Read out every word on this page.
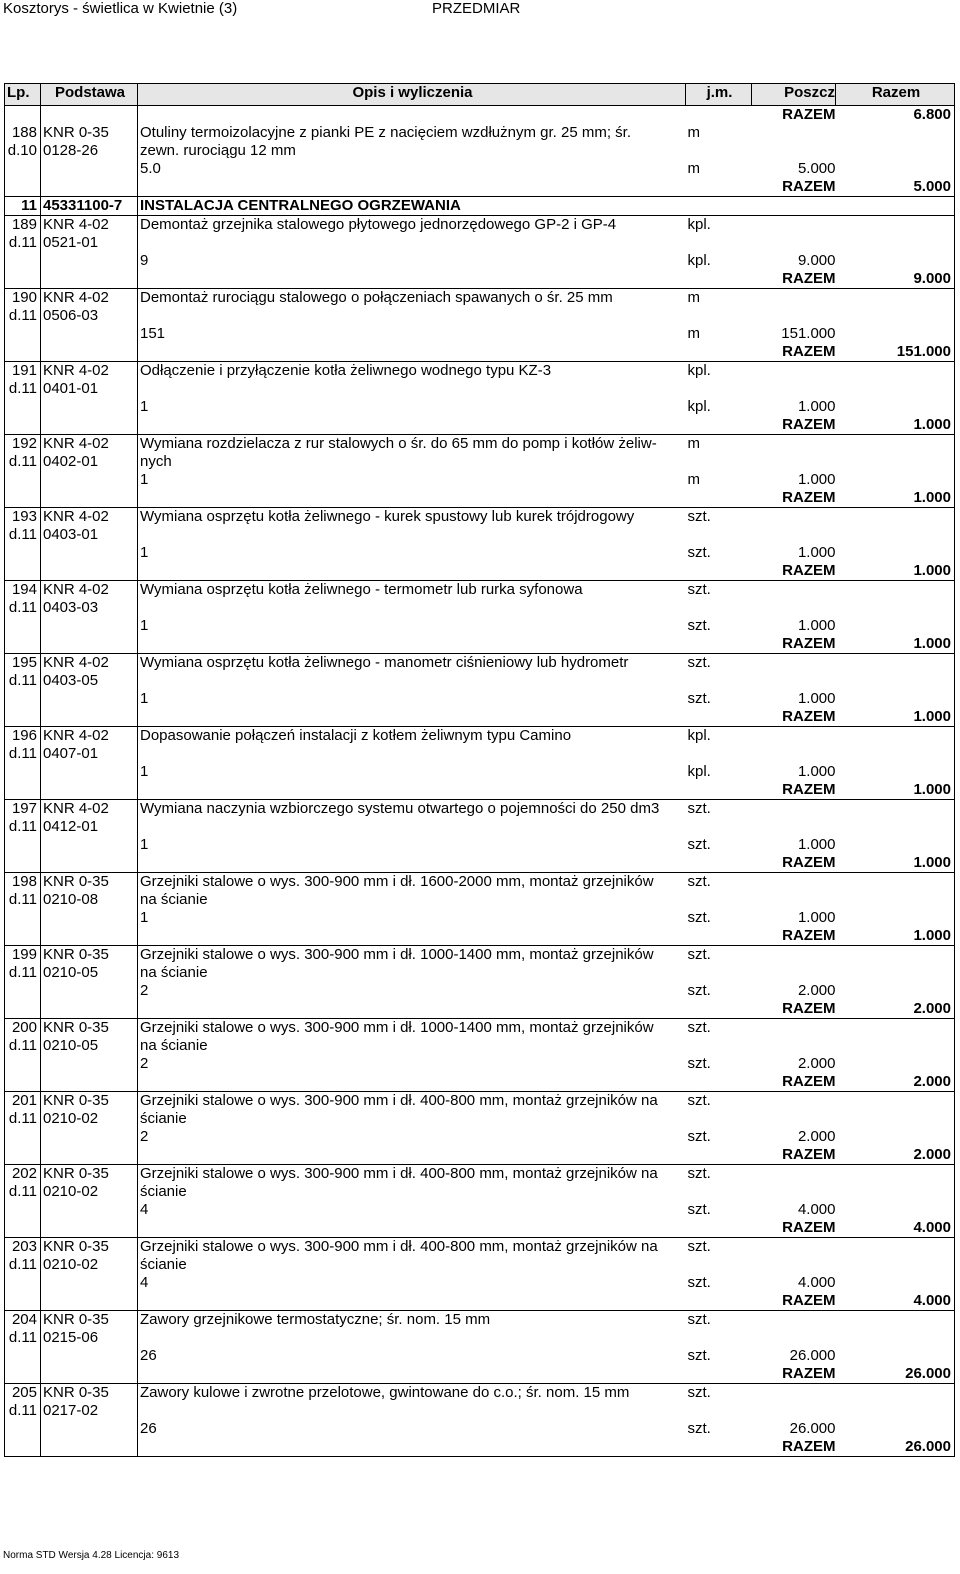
Kosztorys - świetlica w Kwietnie (3)	PRZEDMIAR
Lp.	Podstawa	Opis i wyliczenia	j.m.	Poszcz	Razem
				RAZEM	6.800
188	KNR 0-35	Otuliny termoizolacyjne z pianki PE z nacięciem wzdłużnym gr. 25 mm; śr.	m		
d.10	0128-26	zewn. rurociągu 12 mm			
		5.0	m	5.000	
				RAZEM	5.000
11	45331100-7	INSTALACJA CENTRALNEGO OGRZEWANIA			
189	KNR 4-02	Demontaż grzejnika stalowego płytowego jednorzędowego GP-2 i GP-4	kpl.		
d.11	0521-01				
		9	kpl.	9.000	
				RAZEM	9.000
190	KNR 4-02	Demontaż rurociągu stalowego o połączeniach spawanych o śr. 25 mm	m		
d.11	0506-03				
		151	m	151.000	
				RAZEM	151.000
191	KNR 4-02	Odłączenie i przyłączenie kotła żeliwnego wodnego typu KZ-3	kpl.		
d.11	0401-01				
		1	kpl.	1.000	
				RAZEM	1.000
192	KNR 4-02	Wymiana rozdzielacza z rur stalowych o śr. do 65 mm do pomp i kotłów żeliw-	m		
d.11	0402-01	nych			
		1	m	1.000	
				RAZEM	1.000
193	KNR 4-02	Wymiana osprzętu kotła żeliwnego - kurek spustowy lub kurek trójdrogowy	szt.		
d.11	0403-01				
		1	szt.	1.000	
				RAZEM	1.000
194	KNR 4-02	Wymiana osprzętu kotła żeliwnego - termometr lub rurka syfonowa	szt.		
d.11	0403-03				
		1	szt.	1.000	
				RAZEM	1.000
195	KNR 4-02	Wymiana osprzętu kotła żeliwnego - manometr ciśnieniowy lub hydrometr	szt.		
d.11	0403-05				
		1	szt.	1.000	
				RAZEM	1.000
196	KNR 4-02	Dopasowanie połączeń instalacji z kotłem żeliwnym typu Camino	kpl.		
d.11	0407-01				
		1	kpl.	1.000	
				RAZEM	1.000
197	KNR 4-02	Wymiana naczynia wzbiorczego systemu otwartego o pojemności do 250 dm3	szt.		
d.11	0412-01				
		1	szt.	1.000	
				RAZEM	1.000
198	KNR 0-35	Grzejniki stalowe o wys. 300-900 mm i dł. 1600-2000 mm, montaż grzejników	szt.		
d.11	0210-08	na ścianie			
		1	szt.	1.000	
				RAZEM	1.000
199	KNR 0-35	Grzejniki stalowe o wys. 300-900 mm i dł. 1000-1400 mm, montaż grzejników	szt.		
d.11	0210-05	na ścianie			
		2	szt.	2.000	
				RAZEM	2.000
200	KNR 0-35	Grzejniki stalowe o wys. 300-900 mm i dł. 1000-1400 mm, montaż grzejników	szt.		
d.11	0210-05	na ścianie			
		2	szt.	2.000	
				RAZEM	2.000
201	KNR 0-35	Grzejniki stalowe o wys. 300-900 mm i dł. 400-800 mm, montaż grzejników na	szt.		
d.11	0210-02	ścianie			
		2	szt.	2.000	
				RAZEM	2.000
202	KNR 0-35	Grzejniki stalowe o wys. 300-900 mm i dł. 400-800 mm, montaż grzejników na	szt.		
d.11	0210-02	ścianie			
		4	szt.	4.000	
				RAZEM	4.000
203	KNR 0-35	Grzejniki stalowe o wys. 300-900 mm i dł. 400-800 mm, montaż grzejników na	szt.		
d.11	0210-02	ścianie			
		4	szt.	4.000	
				RAZEM	4.000
204	KNR 0-35	Zawory grzejnikowe termostatyczne; śr. nom. 15 mm	szt.		
d.11	0215-06				
		26	szt.	26.000	
				RAZEM	26.000
205	KNR 0-35	Zawory kulowe i zwrotne przelotowe, gwintowane do c.o.; śr. nom. 15 mm	szt.		
d.11	0217-02				
		26	szt.	26.000	
				RAZEM	26.000
Norma STD Wersja 4.28 Licencja: 9613
